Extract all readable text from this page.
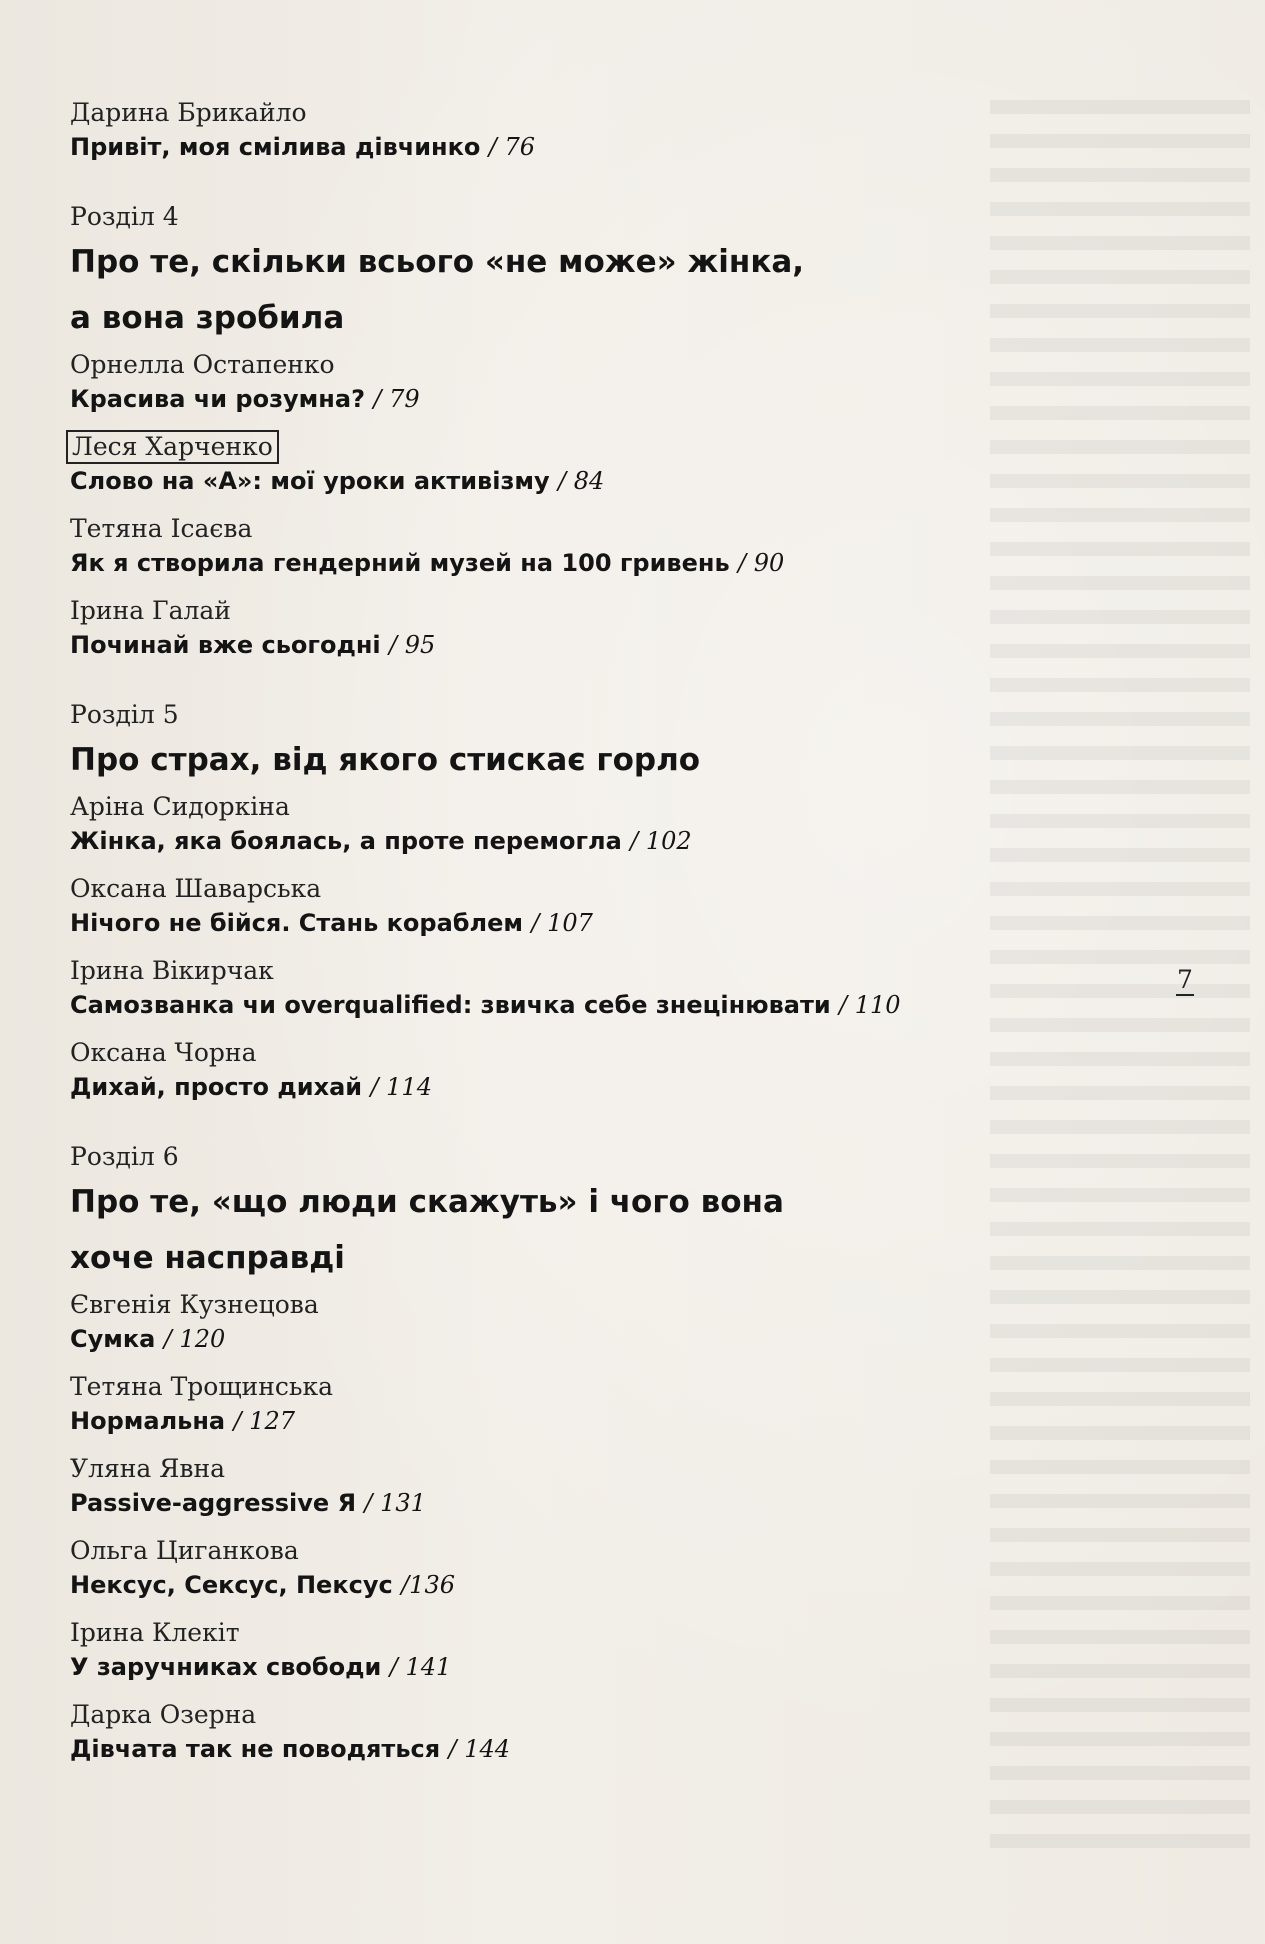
Дарина Брикайло
Привіт, моя смілива дівчинко / 76
Розділ 4
Про те, скільки всього «не може» жінка,
а вона зробила
Орнелла Остапенко
Красива чи розумна? / 79
Леся Харченко
Слово на «А»: мої уроки активізму / 84
Тетяна Ісаєва
Як я створила гендерний музей на 100 гривень / 90
Ірина Галай
Починай вже сьогодні / 95
Розділ 5
Про страх, від якого стискає горло
Аріна Сидоркіна
Жінка, яка боялась, а проте перемогла / 102
Оксана Шаварська
Нічого не бійся. Стань кораблем / 107
Ірина Вікирчак
Самозванка чи overqualified: звичка себе знецінювати / 110
Оксана Чорна
Дихай, просто дихай / 114
Розділ 6
Про те, «що люди скажуть» і чого вона
хоче насправді
Євгенія Кузнецова
Сумка / 120
Тетяна Трощинська
Нормальна / 127
Уляна Явна
Passive-aggressive Я / 131
Ольга Циганкова
Нексус, Сексус, Пексус /136
Ірина Клекіт
У заручниках свободи / 141
Дарка Озерна
Дівчата так не поводяться / 144
7
